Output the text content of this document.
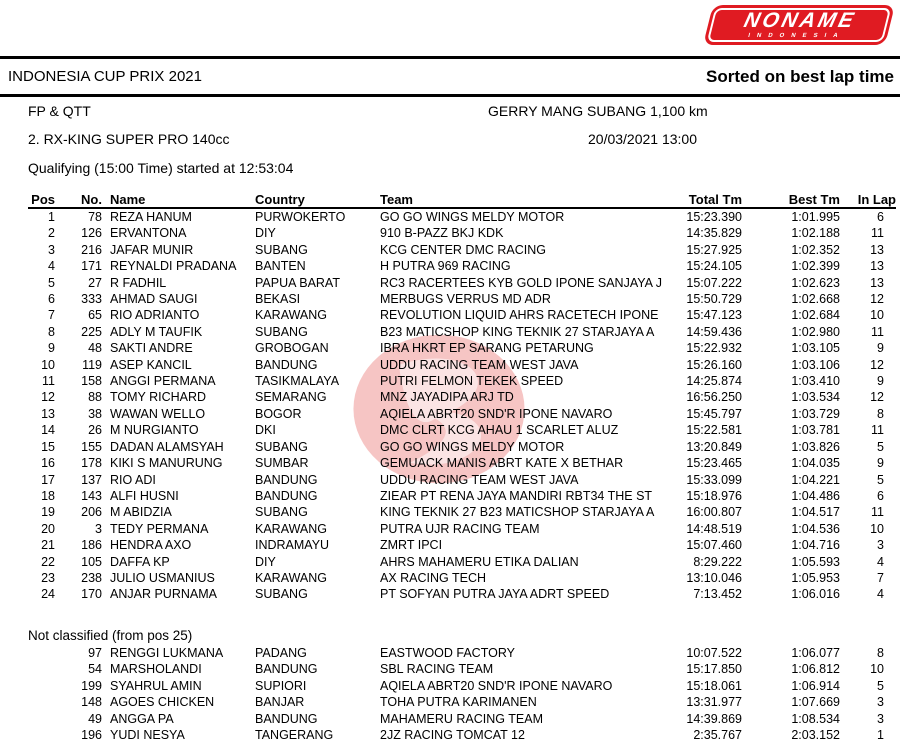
NONAME
INDONESIA
INDONESIA CUP PRIX 2021	Sorted on best lap time
FP & QTT	GERRY MANG SUBANG 1,100 km
2. RX-KING SUPER PRO 140cc	20/03/2021 13:00
Qualifying (15:00 Time) started at 12:53:04
Pos	No.	Name	Country	Team	Total Tm	Best Tm	In Lap
1	78	REZA HANUM	PURWOKERTO	GO GO WINGS MELDY MOTOR	15:23.390	1:01.995	6
2	126	ERVANTONA	DIY	910 B-PAZZ BKJ KDK	14:35.829	1:02.188	11
3	216	JAFAR MUNIR	SUBANG	KCG CENTER DMC RACING	15:27.925	1:02.352	13
4	171	REYNALDI PRADANA	BANTEN	H PUTRA 969 RACING	15:24.105	1:02.399	13
5	27	R FADHIL	PAPUA BARAT	RC3 RACERTEES KYB GOLD IPONE SANJAYA J	15:07.222	1:02.623	13
6	333	AHMAD SAUGI	BEKASI	MERBUGS VERRUS MD ADR	15:50.729	1:02.668	12
7	65	RIO ADRIANTO	KARAWANG	REVOLUTION LIQUID AHRS RACETECH IPONE	15:47.123	1:02.684	10
8	225	ADLY M TAUFIK	SUBANG	B23 MATICSHOP KING TEKNIK 27 STARJAYA A	14:59.436	1:02.980	11
9	48	SAKTI ANDRE	GROBOGAN	IBRA HKRT EP SARANG PETARUNG	15:22.932	1:03.105	9
10	119	ASEP KANCIL	BANDUNG	UDDU RACING TEAM WEST JAVA	15:26.160	1:03.106	12
11	158	ANGGI PERMANA	TASIKMALAYA	PUTRI FELMON TEKEK SPEED	14:25.874	1:03.410	9
12	88	TOMY RICHARD	SEMARANG	MNZ JAYADIPA ARJ TD	16:56.250	1:03.534	12
13	38	WAWAN WELLO	BOGOR	AQIELA ABRT20 SND'R IPONE NAVARO	15:45.797	1:03.729	8
14	26	M NURGIANTO	DKI	DMC CLRT KCG AHAU 1 SCARLET ALUZ	15:22.581	1:03.781	11
15	155	DADAN ALAMSYAH	SUBANG	GO GO WINGS MELDY MOTOR	13:20.849	1:03.826	5
16	178	KIKI S MANURUNG	SUMBAR	GEMUACK MANIS ABRT KATE X BETHAR	15:23.465	1:04.035	9
17	137	RIO ADI	BANDUNG	UDDU RACING TEAM WEST JAVA	15:33.099	1:04.221	5
18	143	ALFI HUSNI	BANDUNG	ZIEAR PT RENA JAYA MANDIRI RBT34 THE ST	15:18.976	1:04.486	6
19	206	M ABIDZIA	SUBANG	KING TEKNIK 27 B23 MATICSHOP STARJAYA A	16:00.807	1:04.517	11
20	3	TEDY PERMANA	KARAWANG	PUTRA UJR RACING TEAM	14:48.519	1:04.536	10
21	186	HENDRA AXO	INDRAMAYU	ZMRT IPCI	15:07.460	1:04.716	3
22	105	DAFFA KP	DIY	AHRS MAHAMERU ETIKA DALIAN	8:29.222	1:05.593	4
23	238	JULIO USMANIUS	KARAWANG	AX RACING TECH	13:10.046	1:05.953	7
24	170	ANJAR PURNAMA	SUBANG	PT SOFYAN PUTRA JAYA ADRT SPEED	7:13.452	1:06.016	4
Not classified (from pos 25)
	97	RENGGI LUKMANA	PADANG	EASTWOOD FACTORY	10:07.522	1:06.077	8
	54	MARSHOLANDI	BANDUNG	SBL RACING TEAM	15:17.850	1:06.812	10
	199	SYAHRUL AMIN	SUPIORI	AQIELA ABRT20 SND'R IPONE NAVARO	15:18.061	1:06.914	5
	148	AGOES CHICKEN	BANJAR	TOHA PUTRA KARIMANEN	13:31.977	1:07.669	3
	49	ANGGA PA	BANDUNG	MAHAMERU RACING TEAM	14:39.869	1:08.534	3
	196	YUDI NESYA	TANGERANG	2JZ RACING TOMCAT 12	2:35.767	2:03.152	1
